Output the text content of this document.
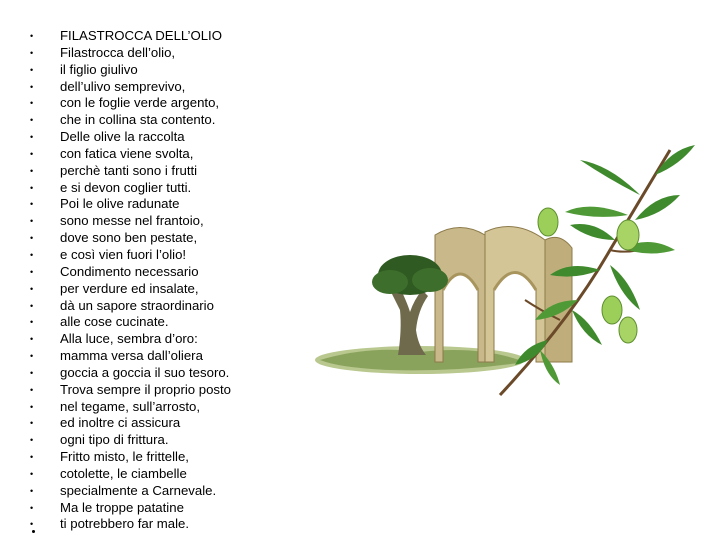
• FILASTROCCA DELL’OLIO
• Filastrocca dell’olio,
• il figlio giulivo
• dell’ulivo semprevivo,
• con le foglie verde argento,
• che in collina sta contento.
• Delle olive la raccolta
• con fatica viene svolta,
• perchè tanti sono i frutti
• e si devon coglier tutti.
• Poi le olive radunate
• sono messe nel frantoio,
• dove sono ben pestate,
• e così vien fuori l’olio!
• Condimento necessario
• per verdure ed insalate,
• dà un sapore straordinario
• alle cose cucinate.
• Alla luce, sembra d’oro:
• mamma versa dall’oliera
• goccia a goccia il suo tesoro.
• Trova sempre il proprio posto
• nel tegame, sull’arrosto,
• ed inoltre ci assicura
• ogni tipo di frittura.
• Fritto misto, le frittelle,
• cotolette, le ciambelle
• specialmente a Carnevale.
• Ma le troppe patatine
• ti potrebbero far male.
